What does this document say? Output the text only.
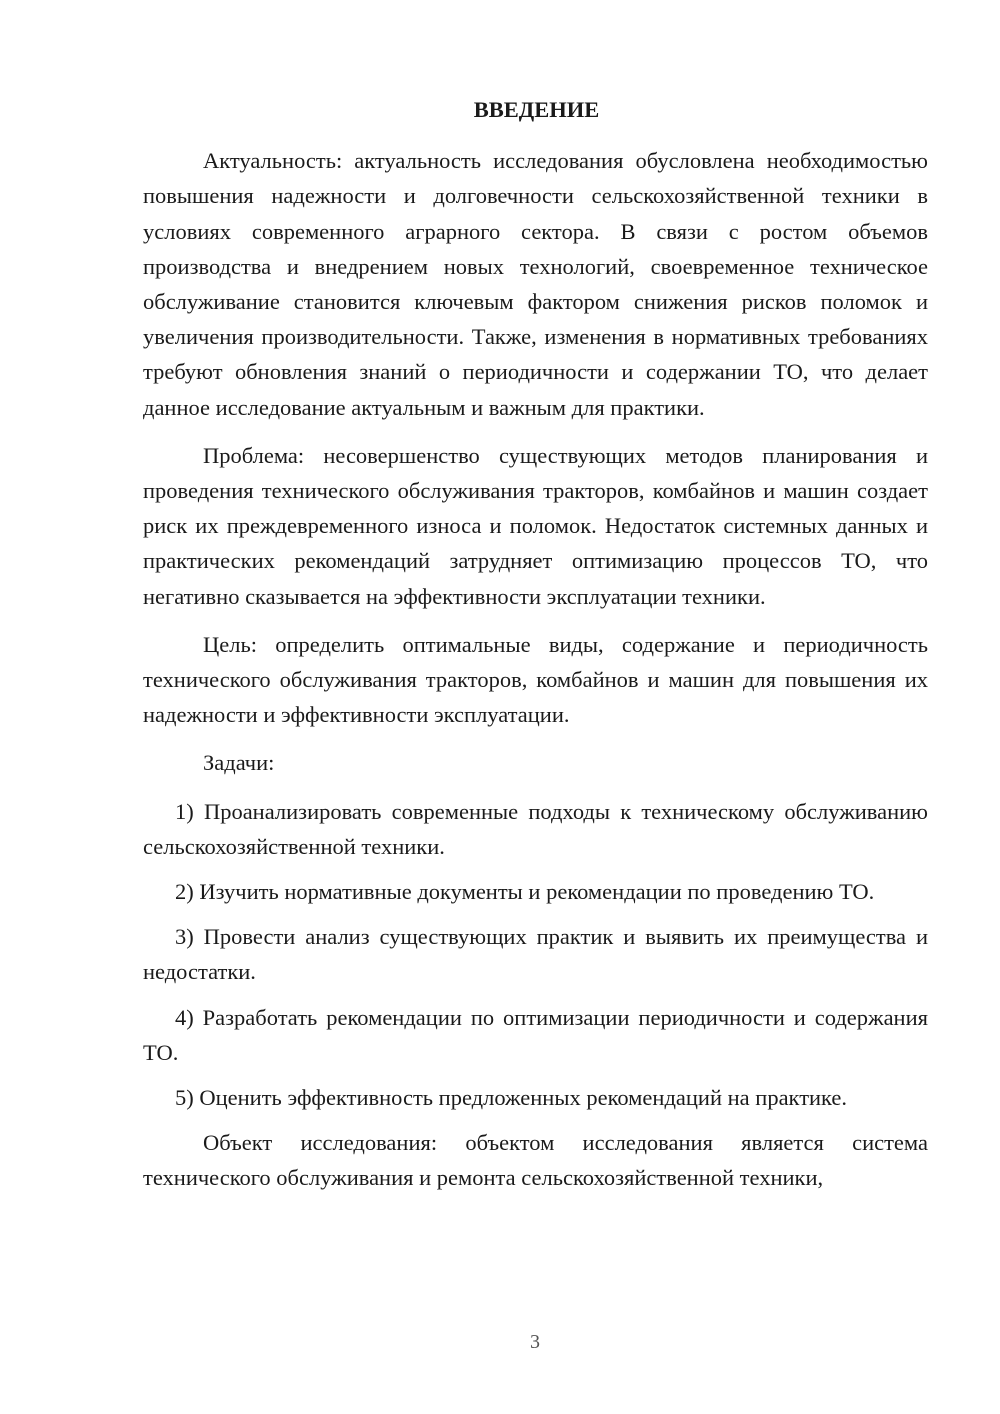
ВВЕДЕНИЕ

Актуальность: актуальность исследования обусловлена необходимостью повышения надежности и долговечности сельскохозяйственной техники в условиях современного аграрного сектора. В связи с ростом объемов производства и внедрением новых технологий, своевременное техническое обслуживание становится ключевым фактором снижения рисков поломок и увеличения производительности. Также, изменения в нормативных требованиях требуют обновления знаний о периодичности и содержании ТО, что делает данное исследование актуальным и важным для практики.

Проблема: несовершенство существующих методов планирования и проведения технического обслуживания тракторов, комбайнов и машин создает риск их преждевременного износа и поломок. Недостаток системных данных и практических рекомендаций затрудняет оптимизацию процессов ТО, что негативно сказывается на эффективности эксплуатации техники.

Цель: определить оптимальные виды, содержание и периодичность технического обслуживания тракторов, комбайнов и машин для повышения их надежности и эффективности эксплуатации.

Задачи:

1) Проанализировать современные подходы к техническому обслуживанию сельскохозяйственной техники.

2) Изучить нормативные документы и рекомендации по проведению ТО.

3) Провести анализ существующих практик и выявить их преимущества и недостатки.

4) Разработать рекомендации по оптимизации периодичности и содержания ТО.

5) Оценить эффективность предложенных рекомендаций на практике.

Объект исследования: объектом исследования является система технического обслуживания и ремонта сельскохозяйственной техники,

3
